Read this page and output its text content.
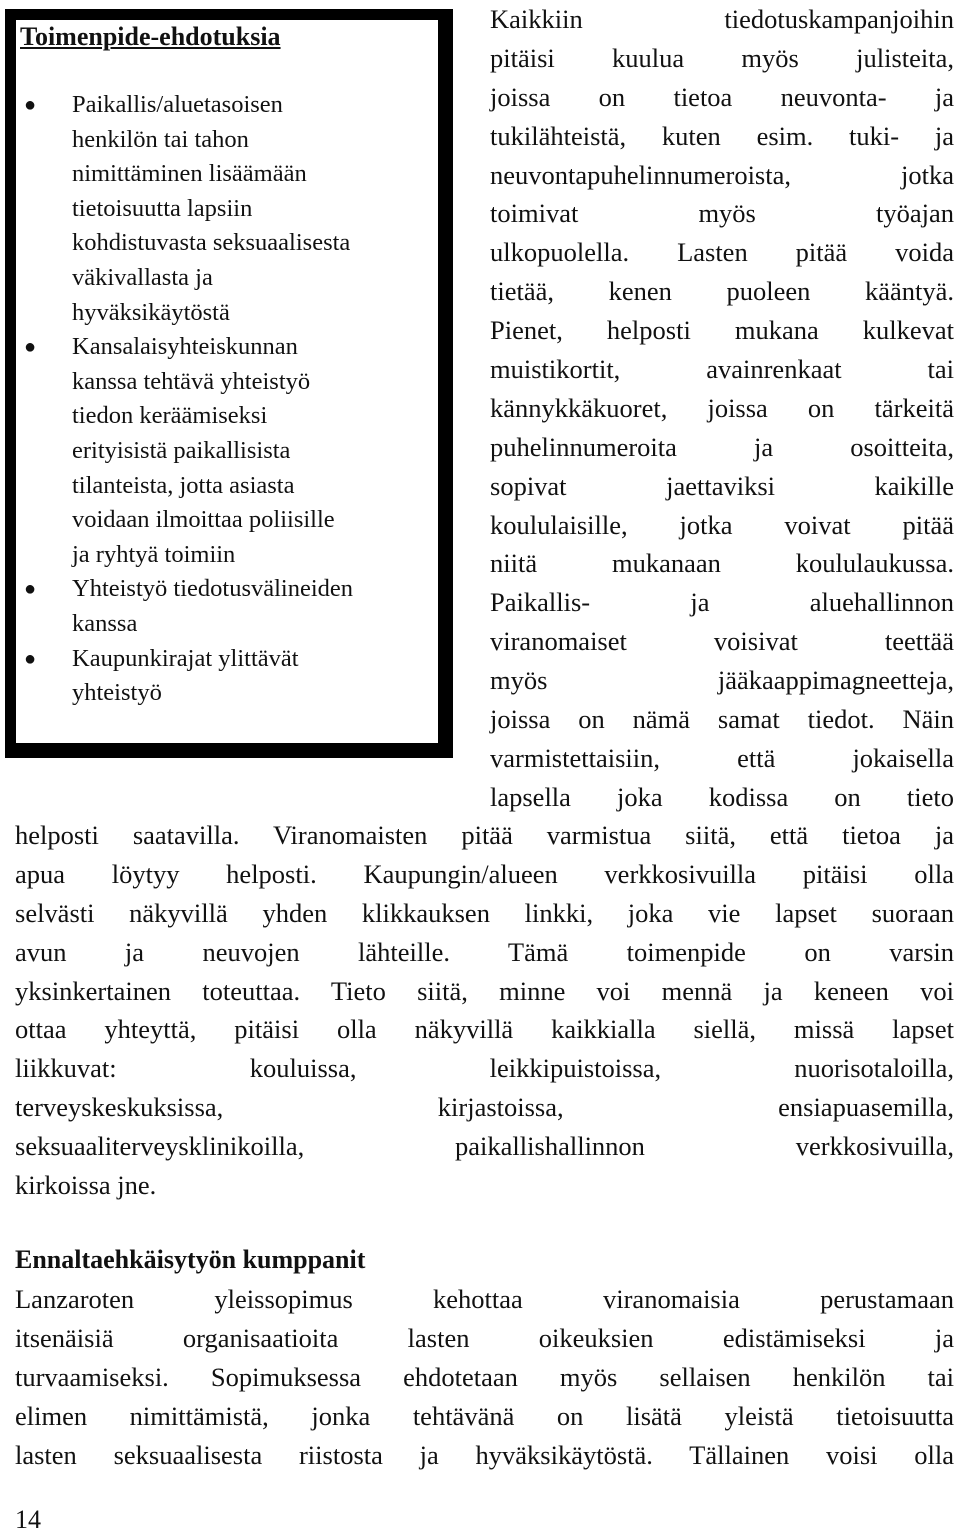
Toimenpide-ehdotuksia
● Paikallis/aluetasoisen
henkilön tai tahon
nimittäminen lisäämään
tietoisuutta lapsiin
kohdistuvasta seksuaalisesta
väkivallasta ja
hyväksikäytöstä
● Kansalaisyhteiskunnan
kanssa tehtävä yhteistyö
tiedon keräämiseksi
erityisistä paikallisista
tilanteista, jotta asiasta
voidaan ilmoittaa poliisille
ja ryhtyä toimiin
● Yhteistyö tiedotusvälineiden
kanssa
● Kaupunkirajat ylittävät
yhteistyö
Kaikkiin tiedotuskampanjoihin
pitäisi kuulua myös julisteita,
joissa on tietoa neuvonta- ja
tukilähteistä, kuten esim. tuki- ja
neuvontapuhelinnumeroista, jotka
toimivat myös työajan
ulkopuolella. Lasten pitää voida
tietää, kenen puoleen kääntyä.
Pienet, helposti mukana kulkevat
muistikortit, avainrenkaat tai
kännykkäkuoret, joissa on tärkeitä
puhelinnumeroita ja osoitteita,
sopivat jaettaviksi kaikille
koululaisille, jotka voivat pitää
niitä mukanaan koululaukussa.
Paikallis- ja aluehallinnon
viranomaiset voisivat teettää
myös jääkaappimagneetteja,
joissa on nämä samat tiedot. Näin
varmistettaisiin, että jokaisella
lapsella joka kodissa on tieto
helposti saatavilla. Viranomaisten pitää varmistua siitä, että tietoa ja
apua löytyy helposti. Kaupungin/alueen verkkosivuilla pitäisi olla
selvästi näkyvillä yhden klikkauksen linkki, joka vie lapset suoraan
avun ja neuvojen lähteille. Tämä toimenpide on varsin
yksinkertainen toteuttaa. Tieto siitä, minne voi mennä ja keneen voi
ottaa yhteyttä, pitäisi olla näkyvillä kaikkialla siellä, missä lapset
liikkuvat: kouluissa, leikkipuistoissa, nuorisotaloilla,
terveyskeskuksissa, kirjastoissa, ensiapuasemilla,
seksuaaliterveysklinikoilla, paikallishallinnon verkkosivuilla,
kirkoissa jne.
Ennaltaehkäisytyön kumppanit
Lanzaroten yleissopimus kehottaa viranomaisia perustamaan
itsenäisiä organisaatioita lasten oikeuksien edistämiseksi ja
turvaamiseksi. Sopimuksessa ehdotetaan myös sellaisen henkilön tai
elimen nimittämistä, jonka tehtävänä on lisätä yleistä tietoisuutta
lasten seksuaalisesta riistosta ja hyväksikäytöstä. Tällainen voisi olla
14
